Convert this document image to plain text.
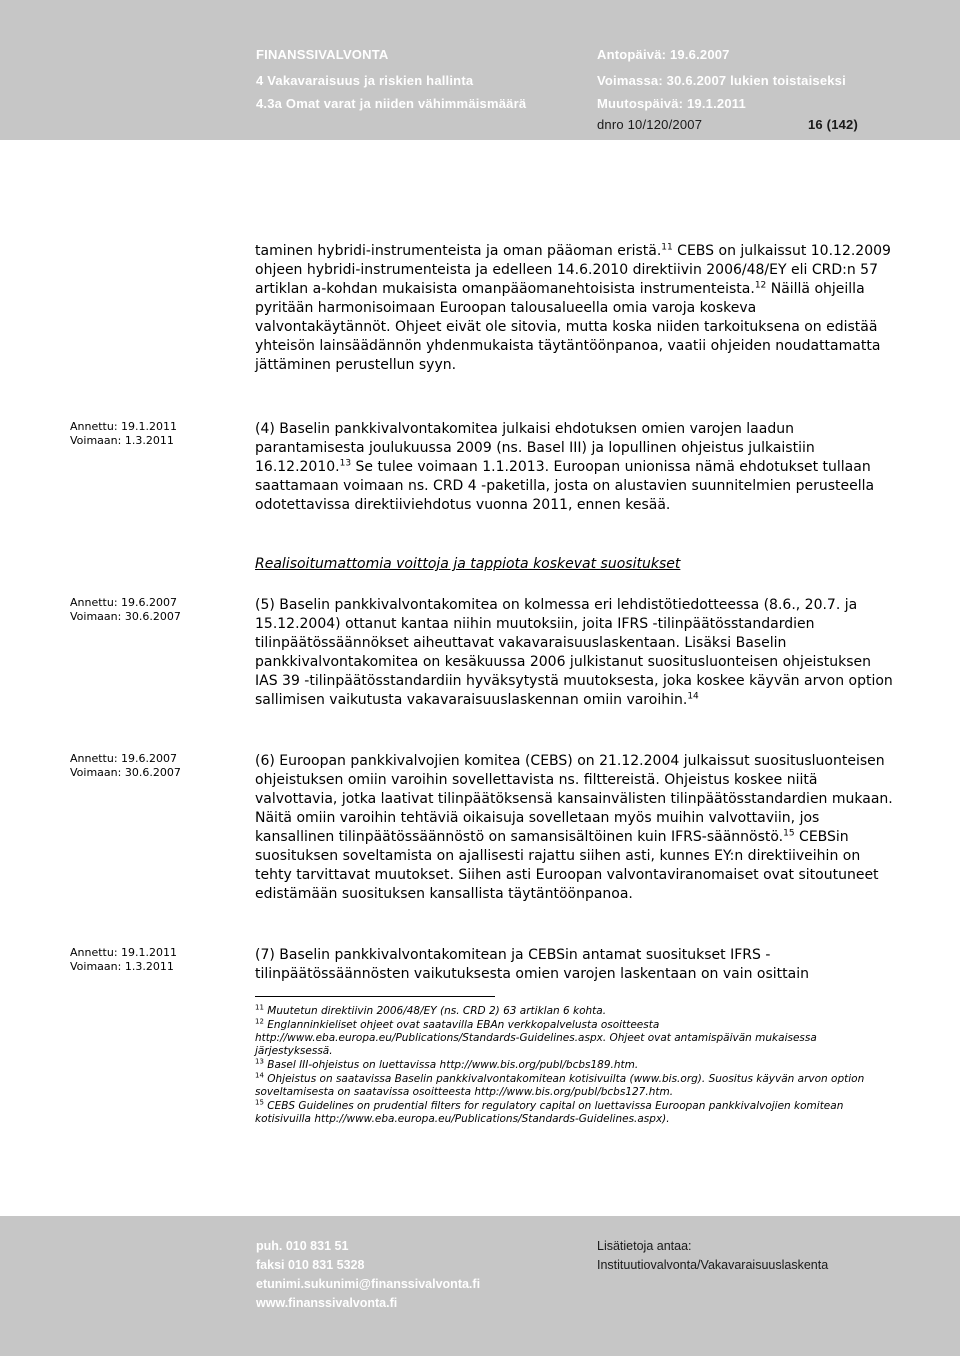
FINANSSIVALVONTA
4 Vakavaraisuus ja riskien hallinta
4.3a Omat varat ja niiden vähimmäismäärä
Antopäivä: 19.6.2007
Voimassa: 30.6.2007 lukien toistaiseksi
Muutospäivä: 19.1.2011
dnro 10/120/2007	16 (142)

taminen hybridi-instrumenteista ja oman pääoman eristä.$^{11}$ CEBS on julkaissut 10.12.2009 ohjeen hybridi-instrumenteista ja edelleen 14.6.2010 direktiivin 2006/48/EY eli CRD:n 57 artiklan a-kohdan mukaisista omanpääomanehtoisista instrumenteista.$^{12}$ Näillä ohjeilla pyritään harmonisoimaan Euroopan talousalueella omia varoja koskeva valvontakäytännöt. Ohjeet eivät ole sitovia, mutta koska niiden tarkoituksena on edistää yhteisön lainsäädännön yhdenmukaista täytäntöönpanoa, vaatii ohjeiden noudattamatta jättäminen perustellun syyn.

Annettu: 19.1.2011
Voimaan: 1.3.2011

(4) Baselin pankkivalvontakomitea julkaisi ehdotuksen omien varojen laadun parantamisesta joulukuussa 2009 (ns. Basel III) ja lopullinen ohjeistus julkaistiin 16.12.2010.13 Se tulee voimaan 1.1.2013. Euroopan unionissa nämä ehdotukset tullaan saattamaan voimaan ns. CRD 4 -paketilla, josta on alustavien suunnitelmien perusteella odotettavissa direktiiviehdotus vuonna 2011, ennen kesää.

Realisoitumattomia voittoja ja tappiota koskevat suositukset
Annettu: 19.6.2007
Voimaan: 30.6.2007

(5) Baselin pankkivalvontakomitea on kolmessa eri lehdistötiedotteessa (8.6., 20.7. ja 15.12.2004) ottanut kantaa niihin muutoksiin, joita IFRS -tilinpäätösstandardien tilinpäätössäännökset aiheuttavat vakavaraisuuslaskentaan. Lisäksi Baselin pankkivalvontakomitea on kesäkuussa 2006 julkistanut suositusluonteisen ohjeistuksen IAS 39 -tilinpäätösstandardiin hyväksytystä muutoksesta, joka koskee käyvän arvon option sallimisen vaikutusta vakavaraisuuslaskennan omiin varoihin.$^{14}$

Annettu: 19.6.2007
Voimaan: 30.6.2007

(6) Euroopan pankkivalvojien komitea (CEBS) on 21.12.2004 julkaissut suositusluonteisen ohjeistuksen omiin varoihin sovellettavista ns. filttereistä. Ohjeistus koskee niitä valvottavia, jotka laativat tilinpäätöksensä kansainvälisten tilinpäätösstandardien mukaan. Näitä omiin varoihin tehtäviä oikaisuja sovelletaan myös muihin valvottaviin, jos kansallinen tilinpäätössäännöstö on samansisältöinen kuin IFRS-säännöstö.$^{15}$ CEBSin suosituksen soveltamista on ajallisesti rajattu siihen asti, kunnes EY:n direktiiveihin on tehty tarvittavat muutokset. Siihen asti Euroopan valvontaviranomaiset ovat sitoutuneet edistämään suosituksen kansallista täytäntöönpanoa.

Annettu: 19.1.2011
Voimaan: 1.3.2011

(7) Baselin pankkivalvontakomitean ja CEBSin antamat suositukset IFRS -tilinpäätössäännösten vaikutuksesta omien varojen laskentaan on vain osittain

$^{11}$ Muutetun direktiivin 2006/48/EY (ns. CRD 2) 63 artiklan 6 kohta.

$^{12}$ Englanninkieliset ohjeet ovat saatavilla EBAn verkkopalvelusta osoitteesta http://www.eba.europa.eu/Publications/Standards-Guidelines.aspx. Ohjeet ovat antamispäivän mukaisessa järjestyksessä.

$^{13}$ Basel III-ohjeistus on luettavissa http://www.bis.org/publ/bcbs189.htm.

$^{14}$ Ohjeistus on saatavissa Baselin pankkivalvontakomitean kotisivuilta (www.bis.org). Suositus käyvän arvon option soveltamisesta on saatavissa osoitteesta http://www.bis.org/publ/bcbs127.htm.

$^{15}$ CEBS Guidelines on prudential filters for regulatory capital on luettavissa Euroopan pankkivalvojien komitean kotisivuilla http://www.eba.europa.eu/Publications/Standards-Guidelines.aspx).

puh. 010 831 51
faksi 010 831 5328
etunimi.sukunimi@finanssivalvonta.fi
www.finanssivalvonta.fi
Lisätietoja antaa:
Instituutiovalvonta/Vakavaraisuuslaskenta
